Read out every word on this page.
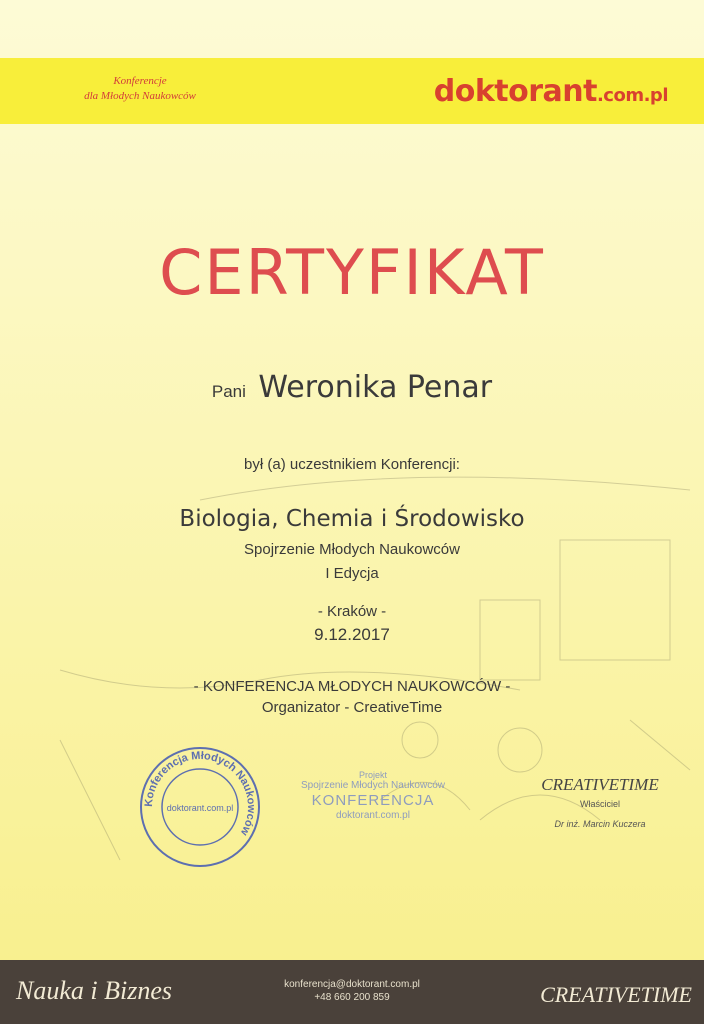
Konferencje
dla Młodych Naukowców	doktorant.com.pl
CERTYFIKAT
Pani Weronika Penar
był (a) uczestnikiem Konferencji:
Biologia, Chemia i Środowisko
Spojrzenie Młodych Naukowców
I Edycja
- Kraków -
9.12.2017
- KONFERENCJA MŁODYCH NAUKOWCÓW -
Organizator - CreativeTime
Konferencja Młodych Naukowców
doktorant.com.pl
Projekt
Spojrzenie Młodych Naukowców
KONFERENCJA
doktorant.com.pl
CREATIVETIME
Właściciel
Dr inż. Marcin Kuczera
Nauka i Biznes	konferencja@doktorant.com.pl
+48 660 200 859	CREATIVETIME
